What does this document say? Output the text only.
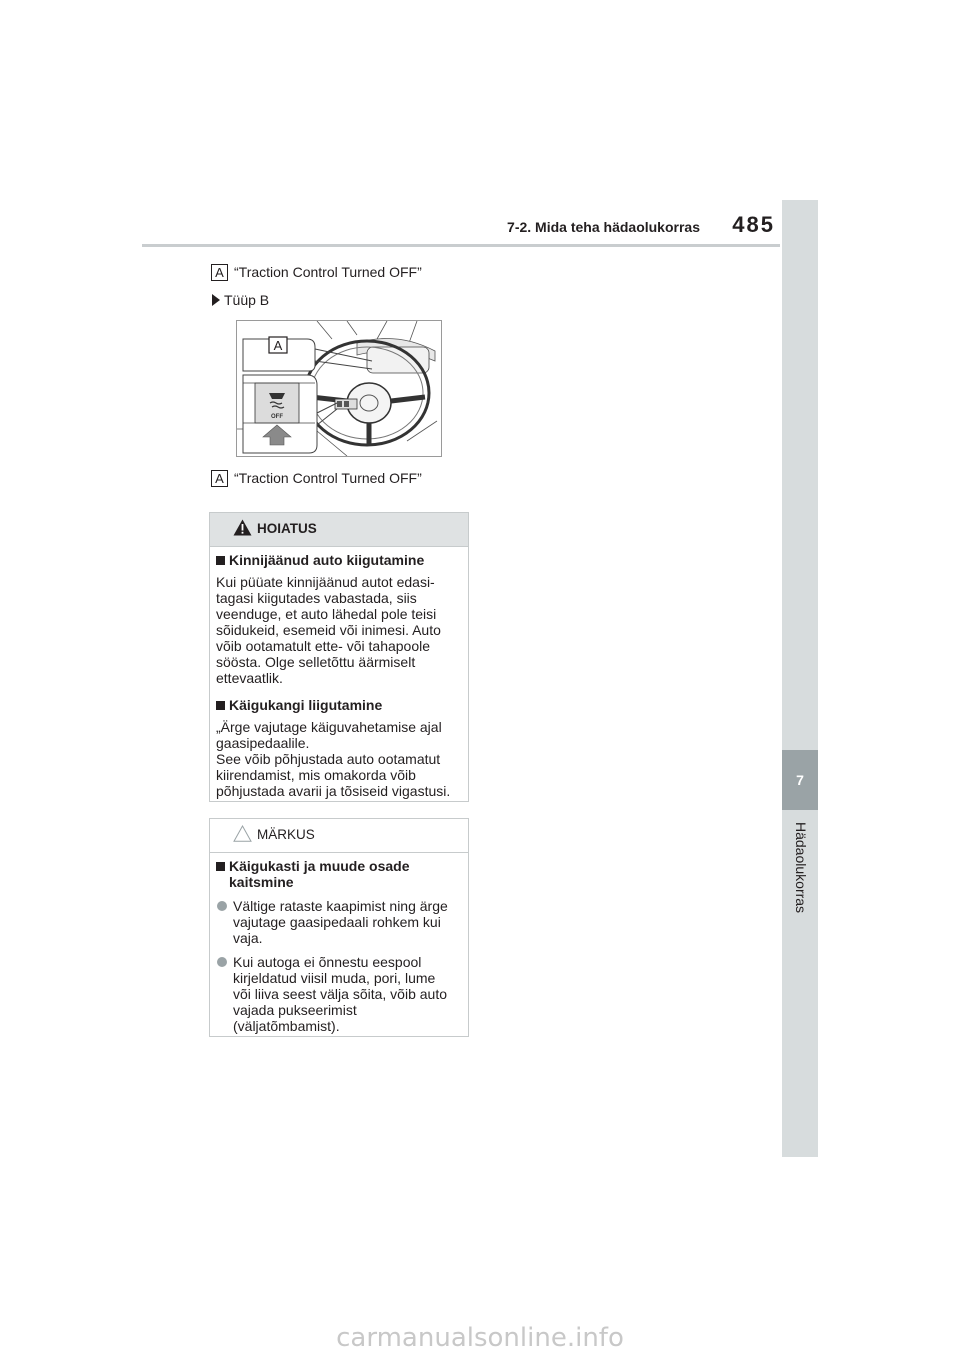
7-2. Mida teha hädaolukorras	485
7
Hädaolukorras
A “Traction Control Turned OFF”
Tüüp B
A
OFF
A “Traction Control Turned OFF”
HOIATUS
Kinnijäänud auto kiigutamine
Kui püüate kinnijäänud autot edasi-
tagasi kiigutades vabastada, siis
veenduge, et auto lähedal pole teisi
sõidukeid, esemeid või inimesi. Auto
võib ootamatult ette- või tahapoole
söösta. Olge selletõttu äärmiselt
ettevaatlik.
Käigukangi liigutamine
„Ärge vajutage käiguvahetamise ajal
gaasipedaalile.
See võib põhjustada auto ootamatut
kiirendamist, mis omakorda võib
põhjustada avarii ja tõsiseid vigastusi.
MÄRKUS
Käigukasti ja muude osade
kaitsmine
Vältige rataste kaapimist ning ärge
vajutage gaasipedaali rohkem kui
vaja.
Kui autoga ei õnnestu eespool
kirjeldatud viisil muda, pori, lume
või liiva seest välja sõita, võib auto
vajada pukseerimist
(väljatõmbamist).
carmanualsonline.info
